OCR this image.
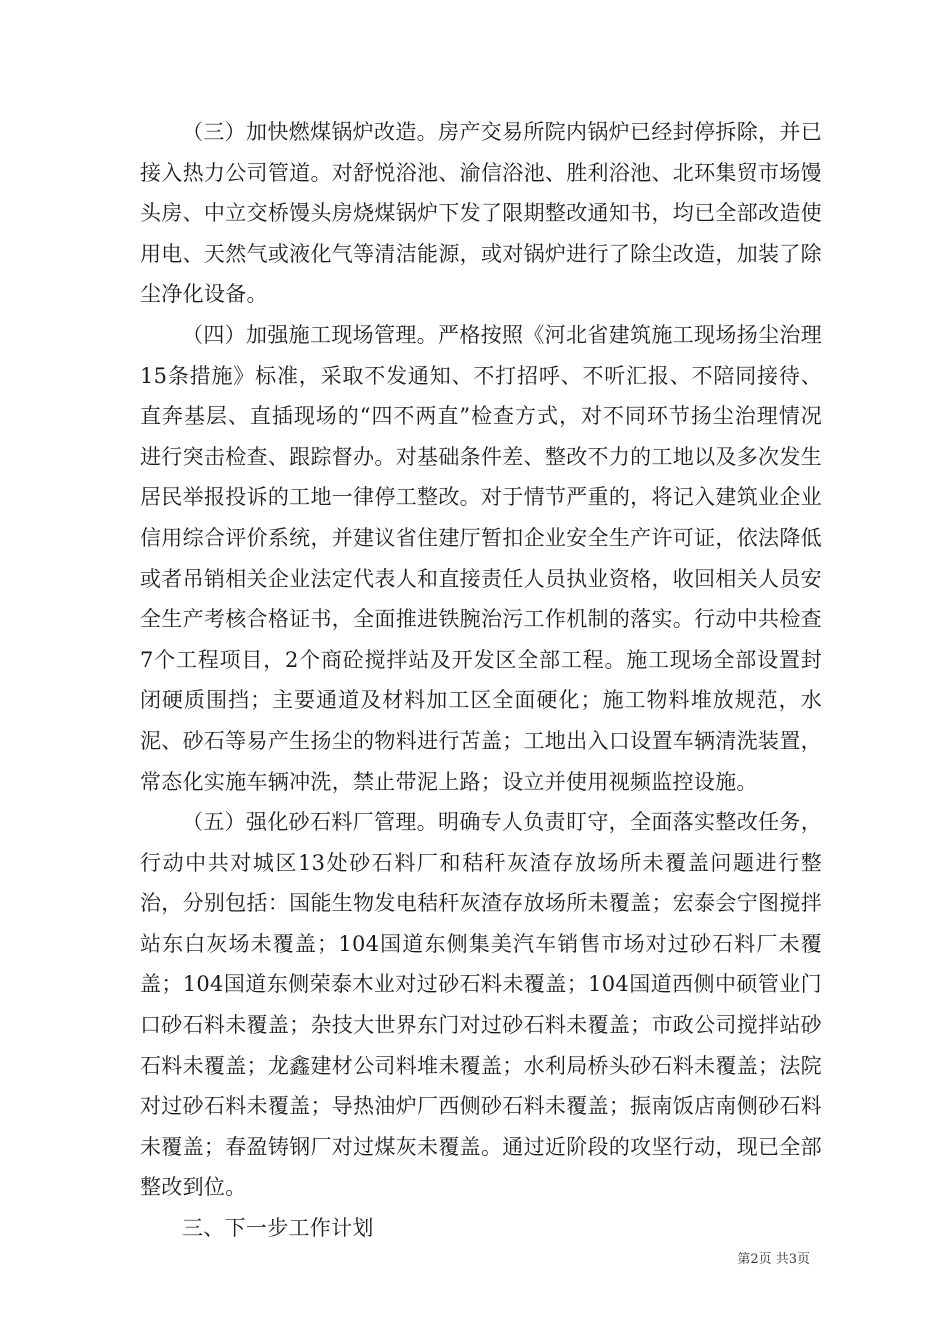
（三）加快燃煤锅炉改造。房产交易所院内锅炉已经封停拆除，并已接入热力公司管道。对舒悦浴池、渝信浴池、胜利浴池、北环集贸市场馒头房、中立交桥馒头房烧煤锅炉下发了限期整改通知书，均已全部改造使用电、天然气或液化气等清洁能源，或对锅炉进行了除尘改造，加装了除尘净化设备。

（四）加强施工现场管理。严格按照《河北省建筑施工现场扬尘治理15条措施》标准，采取不发通知、不打招呼、不听汇报、不陪同接待、直奔基层、直插现场的“四不两直”检查方式，对不同环节扬尘治理情况进行突击检查、跟踪督办。对基础条件差、整改不力的工地以及多次发生居民举报投诉的工地一律停工整改。对于情节严重的，将记入建筑业企业信用综合评价系统，并建议省住建厅暂扣企业安全生产许可证，依法降低或者吊销相关企业法定代表人和直接责任人员执业资格，收回相关人员安全生产考核合格证书，全面推进铁腕治污工作机制的落实。行动中共检查7个工程项目，2个商砼搅拌站及开发区全部工程。施工现场全部设置封闭硬质围挡；主要通道及材料加工区全面硬化；施工物料堆放规范，水泥、砂石等易产生扬尘的物料进行苫盖；工地出入口设置车辆清洗装置，常态化实施车辆冲洗，禁止带泥上路；设立并使用视频监控设施。

（五）强化砂石料厂管理。明确专人负责盯守，全面落实整改任务，行动中共对城区13处砂石料厂和秸秆灰渣存放场所未覆盖问题进行整治，分别包括：国能生物发电秸秆灰渣存放场所未覆盖；宏泰会宁图搅拌站东白灰场未覆盖；104国道东侧集美汽车销售市场对过砂石料厂未覆盖；104国道东侧荣泰木业对过砂石料未覆盖；104国道西侧中硕管业门口砂石料未覆盖；杂技大世界东门对过砂石料未覆盖；市政公司搅拌站砂石料未覆盖；龙鑫建材公司料堆未覆盖；水利局桥头砂石料未覆盖；法院对过砂石料未覆盖；导热油炉厂西侧砂石料未覆盖；振南饭店南侧砂石料未覆盖；春盈铸钢厂对过煤灰未覆盖。通过近阶段的攻坚行动，现已全部整改到位。

三、下一步工作计划

第2页 共3页
